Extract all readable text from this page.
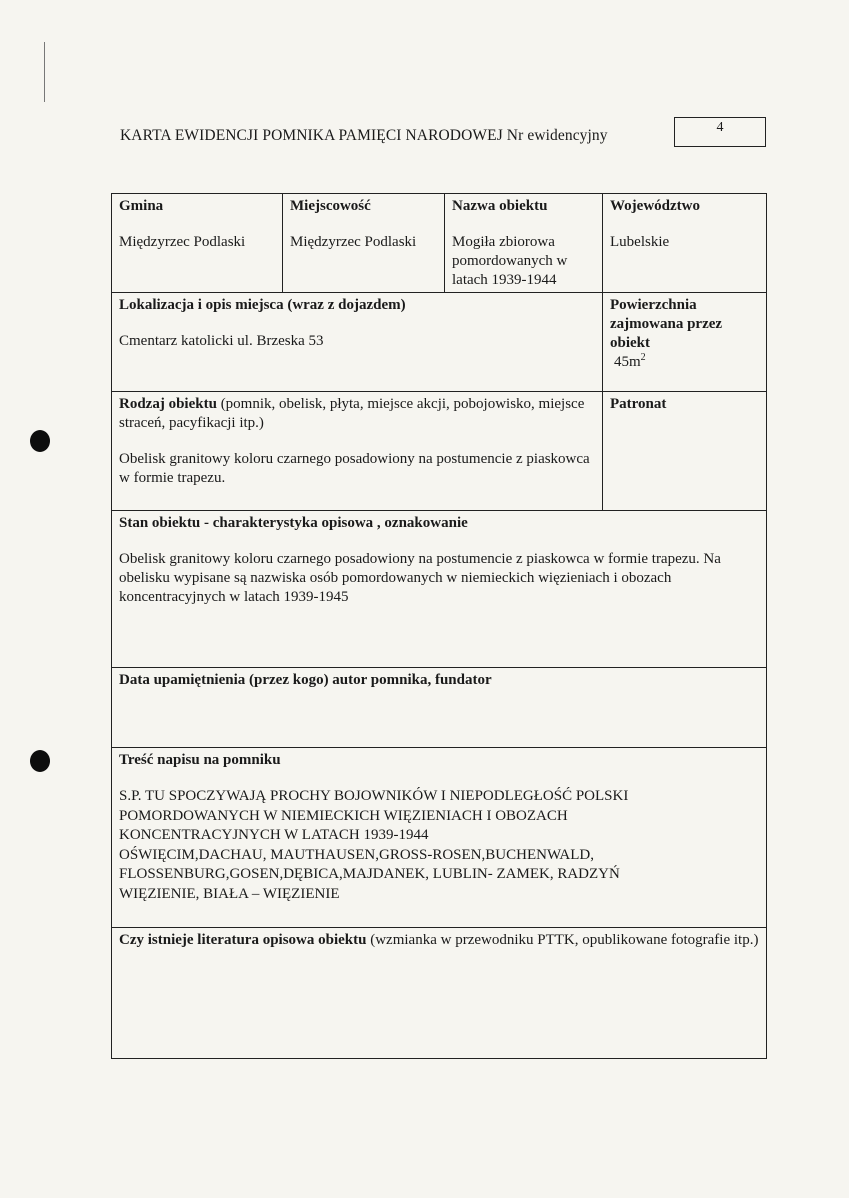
KARTA EWIDENCJI POMNIKA PAMIĘCI NARODOWEJ Nr ewidencyjny	4
Gmina
Międzyrzec Podlaski
Miejscowość
Międzyrzec Podlaski
Nazwa obiektu
Mogiła zbiorowa pomordowanych w latach 1939-1944
Województwo
Lubelskie
Lokalizacja i opis miejsca (wraz z dojazdem)
Cmentarz katolicki ul. Brzeska 53
Powierzchnia zajmowana przez obiekt
$45m^2$
Rodzaj obiektu (pomnik, obelisk, płyta, miejsce akcji, pobojowisko, miejsce straceń, pacyfikacji itp.)
Obelisk granitowy koloru czarnego posadowiony na postumencie z piaskowca w formie trapezu.
Patronat
Stan obiektu - charakterystyka opisowa , oznakowanie
Obelisk granitowy koloru czarnego posadowiony na postumencie z piaskowca w formie trapezu. Na obelisku wypisane są nazwiska osób pomordowanych w niemieckich więzieniach i obozach koncentracyjnych w latach 1939-1945
Data upamiętnienia (przez kogo) autor pomnika, fundator
Treść napisu na pomniku
S.P. TU SPOCZYWAJĄ PROCHY BOJOWNIKÓW I NIEPODLEGŁOŚĆ POLSKI
POMORDOWANYCH W NIEMIECKICH WIĘZIENIACH I OBOZACH
KONCENTRACYJNYCH W LATACH 1939-1944
OŚWIĘCIM,DACHAU, MAUTHAUSEN,GROSS-ROSEN,BUCHENWALD,
FLOSSENBURG,GOSEN,DĘBICA,MAJDANEK, LUBLIN- ZAMEK, RADZYŃ
WIĘZIENIE, BIAŁA – WIĘZIENIE
Czy istnieje literatura opisowa obiektu (wzmianka w przewodniku PTTK, opublikowane fotografie itp.)
